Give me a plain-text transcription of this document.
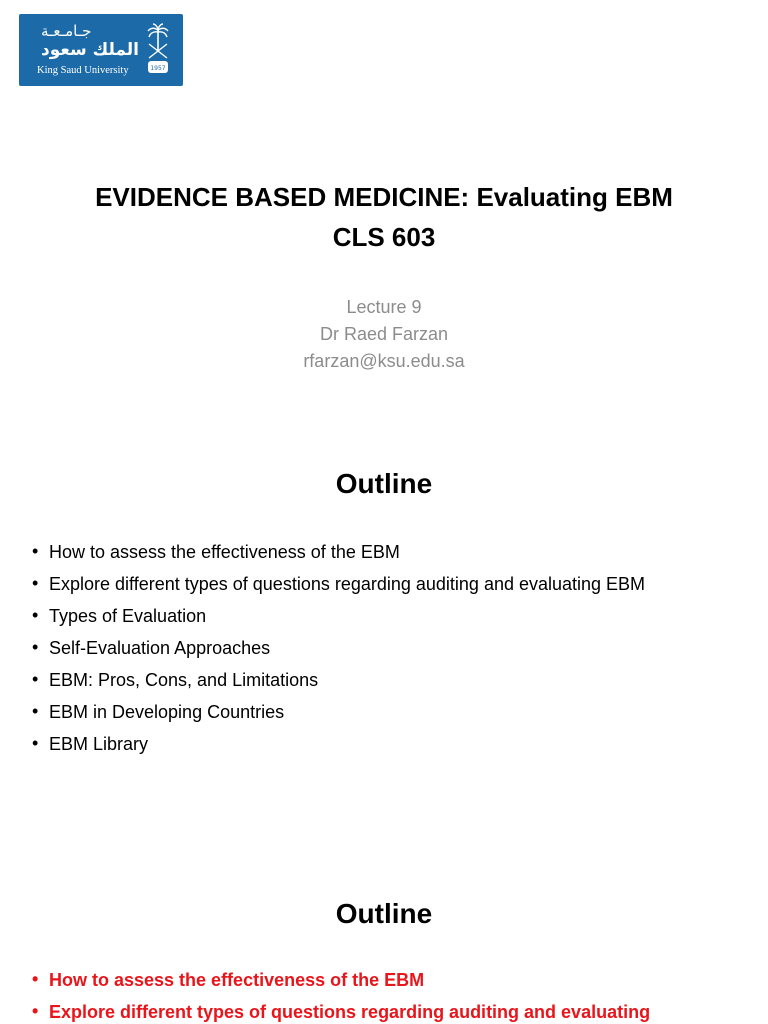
جـامـعـة
الملك سعود
King Saud University	1957
EVIDENCE BASED MEDICINE: Evaluating EBM
CLS 603
Lecture 9
Dr Raed Farzan
rfarzan@ksu.edu.sa
Outline
• How to assess the effectiveness of the EBM
• Explore different types of questions regarding auditing and evaluating EBM
• Types of Evaluation
• Self-Evaluation Approaches
• EBM: Pros, Cons, and Limitations
• EBM in Developing Countries
• EBM Library
Outline
• How to assess the effectiveness of the EBM
• Explore different types of questions regarding auditing and evaluating
